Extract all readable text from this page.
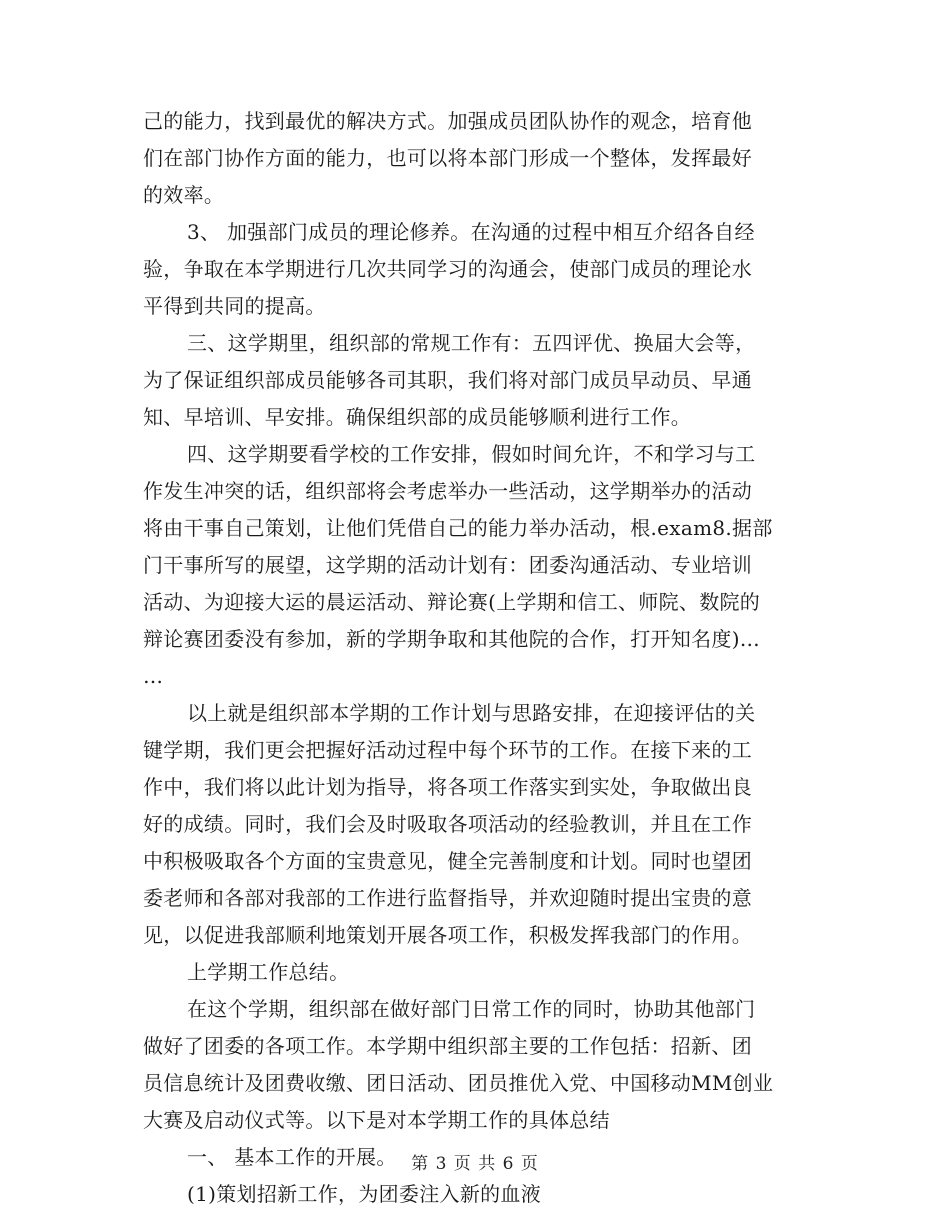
己的能力，找到最优的解决方式。加强成员团队协作的观念，培育他
们在部门协作方面的能力，也可以将本部门形成一个整体，发挥最好
的效率。
3、 加强部门成员的理论修养。在沟通的过程中相互介绍各自经
验，争取在本学期进行几次共同学习的沟通会，使部门成员的理论水
平得到共同的提高。
三、这学期里，组织部的常规工作有：五四评优、换届大会等，
为了保证组织部成员能够各司其职，我们将对部门成员早动员、早通
知、早培训、早安排。确保组织部的成员能够顺利进行工作。
四、这学期要看学校的工作安排，假如时间允许，不和学习与工
作发生冲突的话，组织部将会考虑举办一些活动，这学期举办的活动
将由干事自己策划，让他们凭借自己的能力举办活动，根.exam8.据部
门干事所写的展望，这学期的活动计划有：团委沟通活动、专业培训
活动、为迎接大运的晨运活动、辩论赛(上学期和信工、师院、数院的
辩论赛团委没有参加，新的学期争取和其他院的合作，打开知名度)…
…
以上就是组织部本学期的工作计划与思路安排，在迎接评估的关
键学期，我们更会把握好活动过程中每个环节的工作。在接下来的工
作中，我们将以此计划为指导，将各项工作落实到实处，争取做出良
好的成绩。同时，我们会及时吸取各项活动的经验教训，并且在工作
中积极吸取各个方面的宝贵意见，健全完善制度和计划。同时也望团
委老师和各部对我部的工作进行监督指导，并欢迎随时提出宝贵的意
见，以促进我部顺利地策划开展各项工作，积极发挥我部门的作用。
上学期工作总结。
在这个学期，组织部在做好部门日常工作的同时，协助其他部门
做好了团委的各项工作。本学期中组织部主要的工作包括：招新、团
员信息统计及团费收缴、团日活动、团员推优入党、中国移动MM创业
大赛及启动仪式等。以下是对本学期工作的具体总结
一、 基本工作的开展。
(1)策划招新工作，为团委注入新的血液
第 3 页 共 6 页
